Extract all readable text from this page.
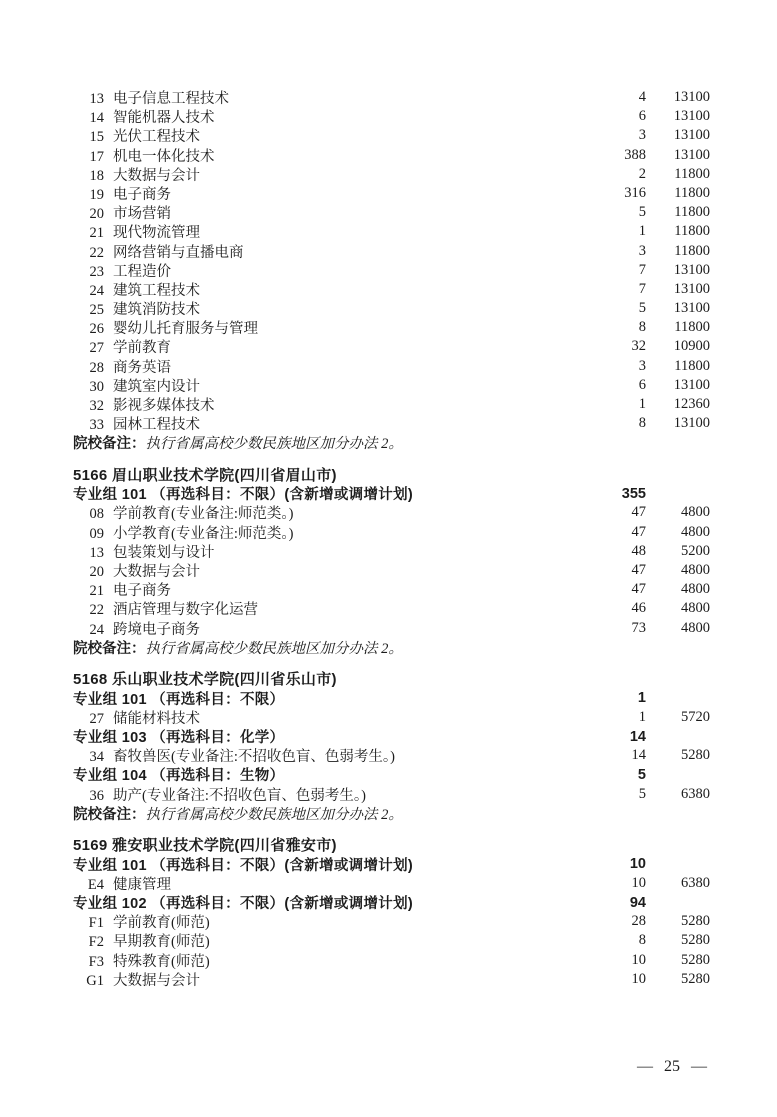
13 电子信息工程技术	4	13100
14 智能机器人技术	6	13100
15 光伏工程技术	3	13100
17 机电一体化技术	388	13100
18 大数据与会计	2	11800
19 电子商务	316	11800
20 市场营销	5	11800
21 现代物流管理	1	11800
22 网络营销与直播电商	3	11800
23 工程造价	7	13100
24 建筑工程技术	7	13100
25 建筑消防技术	5	13100
26 婴幼儿托育服务与管理	8	11800
27 学前教育	32	10900
28 商务英语	3	11800
30 建筑室内设计	6	13100
32 影视多媒体技术	1	12360
33 园林工程技术	8	13100
院校备注：执行省属高校少数民族地区加分办法 2。
5166 眉山职业技术学院(四川省眉山市)
专业组 101 （再选科目：不限）(含新增或调增计划)	355
08 学前教育(专业备注:师范类。)	47	4800
09 小学教育(专业备注:师范类。)	47	4800
13 包装策划与设计	48	5200
20 大数据与会计	47	4800
21 电子商务	47	4800
22 酒店管理与数字化运营	46	4800
24 跨境电子商务	73	4800
院校备注：执行省属高校少数民族地区加分办法 2。
5168 乐山职业技术学院(四川省乐山市)
专业组 101 （再选科目：不限）	1
27 储能材料技术	1	5720
专业组 103 （再选科目：化学）	14
34 畜牧兽医(专业备注:不招收色盲、色弱考生。)	14	5280
专业组 104 （再选科目：生物）	5
36 助产(专业备注:不招收色盲、色弱考生。)	5	6380
院校备注：执行省属高校少数民族地区加分办法 2。
5169 雅安职业技术学院(四川省雅安市)
专业组 101 （再选科目：不限）(含新增或调增计划)	10
E4 健康管理	10	6380
专业组 102 （再选科目：不限）(含新增或调增计划)	94
F1 学前教育(师范)	28	5280
F2 早期教育(师范)	8	5280
F3 特殊教育(师范)	10	5280
G1 大数据与会计	10	5280
— 25 —
